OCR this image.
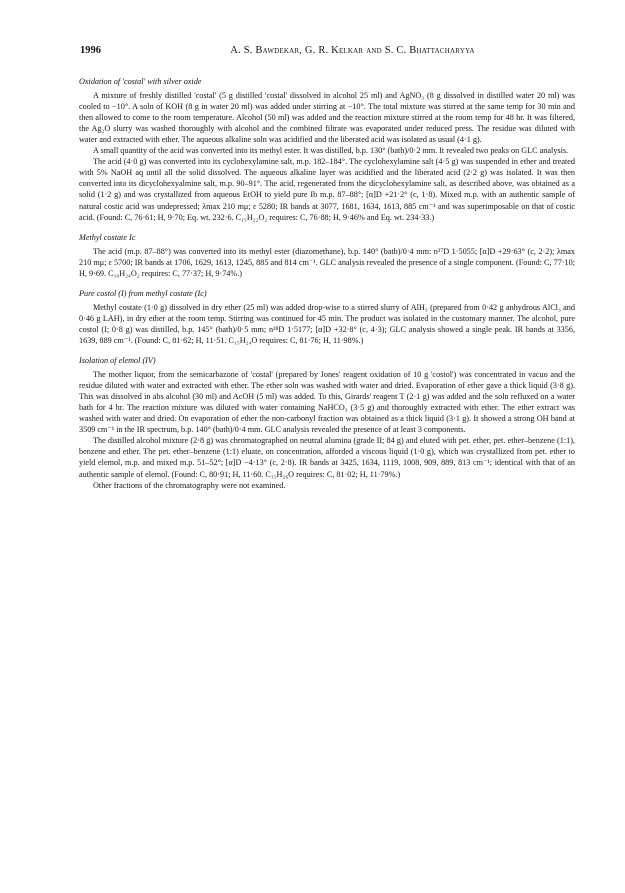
1996	A. S. Bawdekar, G. R. Kelkar and S. C. Bhattacharyya
Oxidation of 'costal' with silver oxide

A mixture of freshly distilled 'costal' (5 g distilled 'costal' dissolved in alcohol 25 ml) and AgNO₃ (8 g dissolved in distilled water 20 ml) was cooled to −10°. A soln of KOH (8 g in water 20 ml) was added under stirring at −10°. The total mixture was stirred at the same temp for 30 min and then allowed to come to the room temperature. Alcohol (50 ml) was added and the reaction mixture stirred at the room temp for 48 hr. It was filtered, the Ag₂O slurry was washed thoroughly with alcohol and the combined filtrate was evaporated under reduced press. The residue was diluted with water and extracted with ether. The aqueous alkaline soln was acidified and the liberated acid was isolated as usual (4·1 g).

A small quantity of the acid was converted into its methyl ester. It was distilled, b.p. 130° (bath)/0·2 mm. It revealed two peaks on GLC analysis.

The acid (4·0 g) was converted into its cyclohexylamine salt, m.p. 182–184°. The cyclohexylamine salt (4·5 g) was suspended in ether and treated with 5% NaOH aq until all the solid dissolved. The aqueous alkaline layer was acidified and the liberated acid (2·2 g) was isolated. It was then converted into its dicyclohexyalmine salt, m.p. 90–91°. The acid, regenerated from the dicyclohexylamine salt, as described above, was obtained as a solid (1·2 g) and was crystallized from aqueous EtOH to yield pure Ib m.p. 87–88°; [α]D +21·2° (c, 1·8). Mixed m.p. with an authentic sample of natural costic acid was undepressed; λmax 210 mμ; ε 5280; IR bands at 3077, 1681, 1634, 1613, 885 cm⁻¹ and was superimposable on that of costic acid. (Found: C, 76·61; H, 9·70; Eq. wt. 232·6. C₁₅H₂₂O₂ requires: C, 76·88; H, 9·46% and Eq. wt. 234·33.)

Methyl costate Ic

The acid (m.p. 87–88°) was converted into its methyl ester (diazomethane), b.p. 140° (bath)/0·4 mm: n²⁷D 1·5055; [α]D +29·63° (c, 2·2); λmax 210 mμ; ε 5700; IR bands at 1706, 1629, 1613, 1245, 885 and 814 cm⁻¹. GLC analysis revealed the presence of a single component. (Found: C, 77·10; H, 9·69. C₁₆H₂₄O₂ requires: C, 77·37; H, 9·74%.)

Pure costol (I) from methyl costate (Ic)

Methyl costate (1·0 g) dissolved in dry ether (25 ml) was added drop-wise to a stirred slurry of AlH₃ (prepared from 0·42 g anhydrous AlCl₃ and 0·46 g LAH), in dry ether at the room temp. Stirring was continued for 45 min. The product was isolated in the customary manner. The alcohol, pure costol (I; 0·8 g) was distilled, b.p. 145° (bath)/0·5 mm; n²⁸D 1·5177; [α]D +32·8° (c, 4·3); GLC analysis showed a single peak. IR bands at 3356, 1639, 889 cm⁻¹. (Found: C, 81·62; H, 11·51. C₁₅H₂₄O requires: C, 81·76; H, 11·98%.)

Isolation of elemol (IV)

The mother liquor, from the semicarbazone of 'costal' (prepared by Jones' reagent oxidation of 10 g 'costol') was concentrated in vacuo and the residue diluted with water and extracted with ether. The ether soln was washed with water and dried. Evaporation of ether gave a thick liquid (3·8 g). This was dissolved in abs alcohol (30 ml) and AcOH (5 ml) was added. To this, Girards' reagent T (2·1 g) was added and the soln refluxed on a water bath for 4 hr. The reaction mixture was diluted with water containing NaHCO₃ (3·5 g) and thoroughly extracted with ether. The ether extract was washed with water and dried. On evaporation of ether the non-carbonyl fraction was obtained as a thick liquid (3·1 g). It showed a strong OH band at 3509 cm⁻¹ in the IR spectrum, b.p. 140° (bath)/0·4 mm. GLC analysis revealed the presence of at least 3 components.

The distilled alcohol mixture (2·8 g) was chromatographed on neutral alumina (grade II; 84 g) and eluted with pet. ether, pet. ether–benzene (1:1), benzene and ether. The pet. ether–benzene (1:1) eluate, on concentration, afforded a viscous liquid (1·0 g), which was crystallized from pet. ether to yield elemol, m.p. and mixed m.p. 51–52°; [α]D −4·13° (c, 2·8). IR bands at 3425, 1634, 1119, 1008, 909, 889, 813 cm⁻¹; identical with that of an authentic sample of elemol. (Found: C, 80·91; H, 11·60. C₁₅H₂₆O requires: C, 81·02; H, 11·79%.)

Other fractions of the chromatography were not examined.
